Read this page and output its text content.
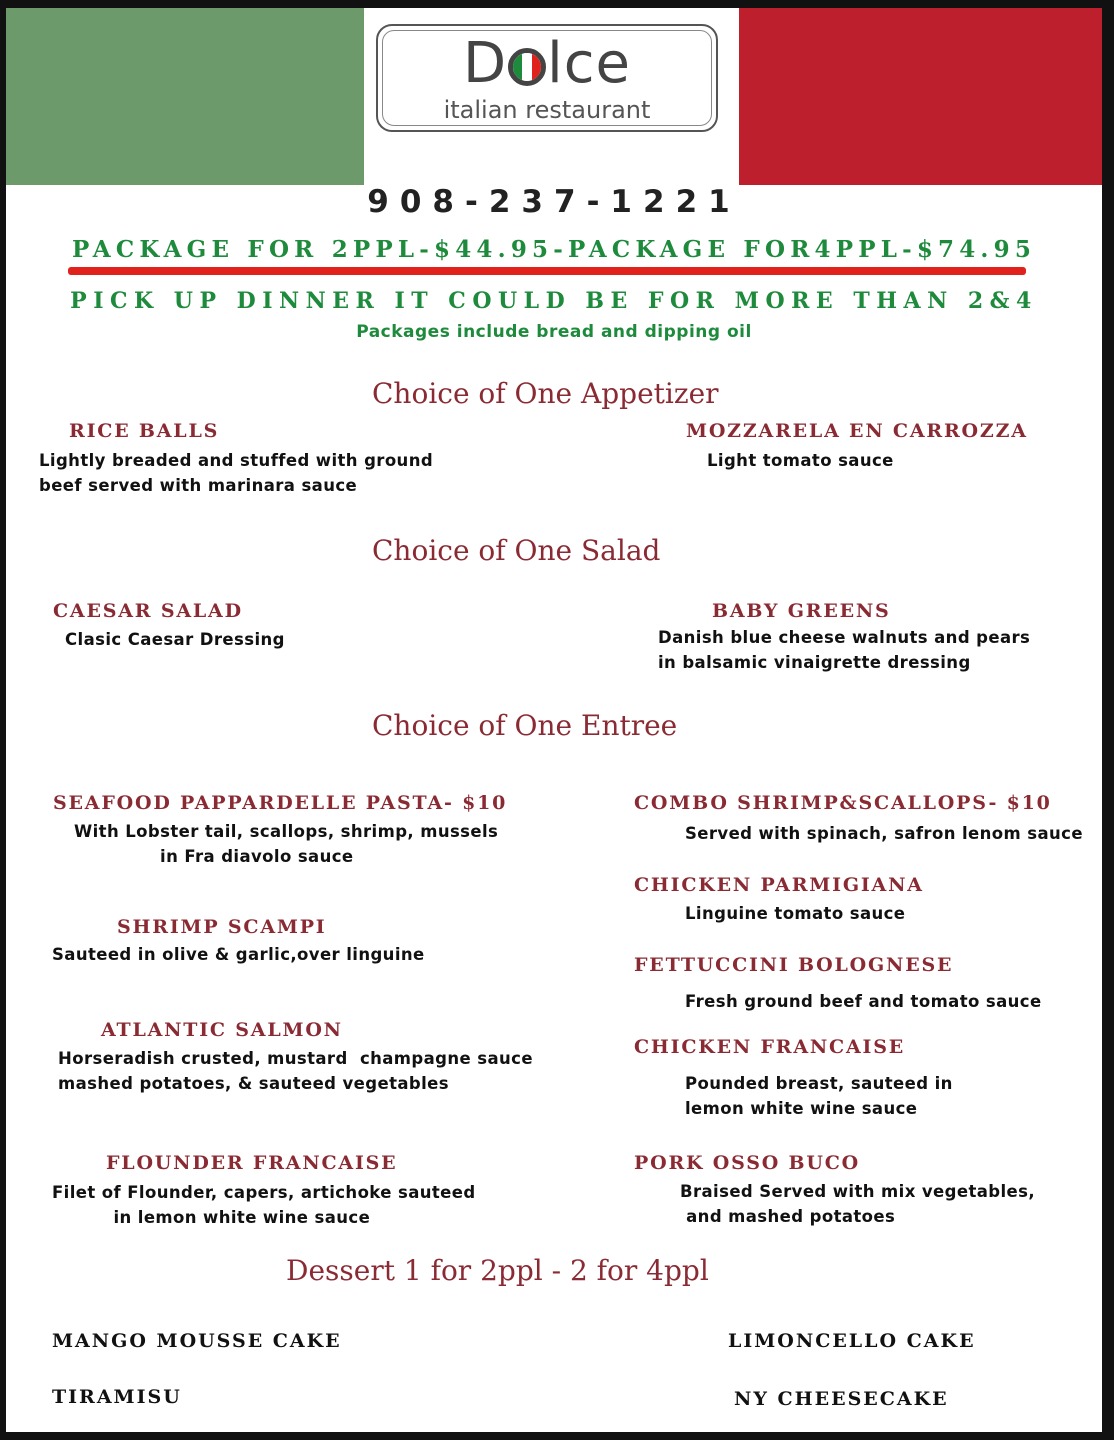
D lce
italian restaurant
908-237-1221
PACKAGE FOR 2PPL-$44.95-PACKAGE FOR4PPL-$74.95
PICK UP DINNER IT COULD BE FOR MORE THAN 2&4
Packages include bread and dipping oil
Choice of One Appetizer
RICE BALLS
Lightly breaded and stuffed with ground
beef served with marinara sauce
MOZZARELA EN CARROZZA
Light tomato sauce
Choice of One Salad
CAESAR SALAD
Clasic Caesar Dressing
BABY GREENS
Danish blue cheese walnuts and pears
in balsamic vinaigrette dressing
Choice of One Entree
SEAFOOD PAPPARDELLE PASTA- $10
With Lobster tail, scallops, shrimp, mussels
in Fra diavolo sauce
SHRIMP SCAMPI
Sauteed in olive & garlic,over linguine
ATLANTIC SALMON
Horseradish crusted, mustard  champagne sauce
mashed potatoes, & sauteed vegetables
FLOUNDER FRANCAISE
Filet of Flounder, capers, artichoke sauteed
in lemon white wine sauce
COMBO SHRIMP&SCALLOPS- $10
Served with spinach, safron lenom sauce
CHICKEN PARMIGIANA
Linguine tomato sauce
FETTUCCINI BOLOGNESE
Fresh ground beef and tomato sauce
CHICKEN FRANCAISE
Pounded breast, sauteed in
lemon white wine sauce
PORK OSSO BUCO
Braised Served with mix vegetables,
and mashed potatoes
Dessert 1 for 2ppl - 2 for 4ppl
MANGO MOUSSE CAKE	LIMONCELLO CAKE
TIRAMISU	NY CHEESECAKE
